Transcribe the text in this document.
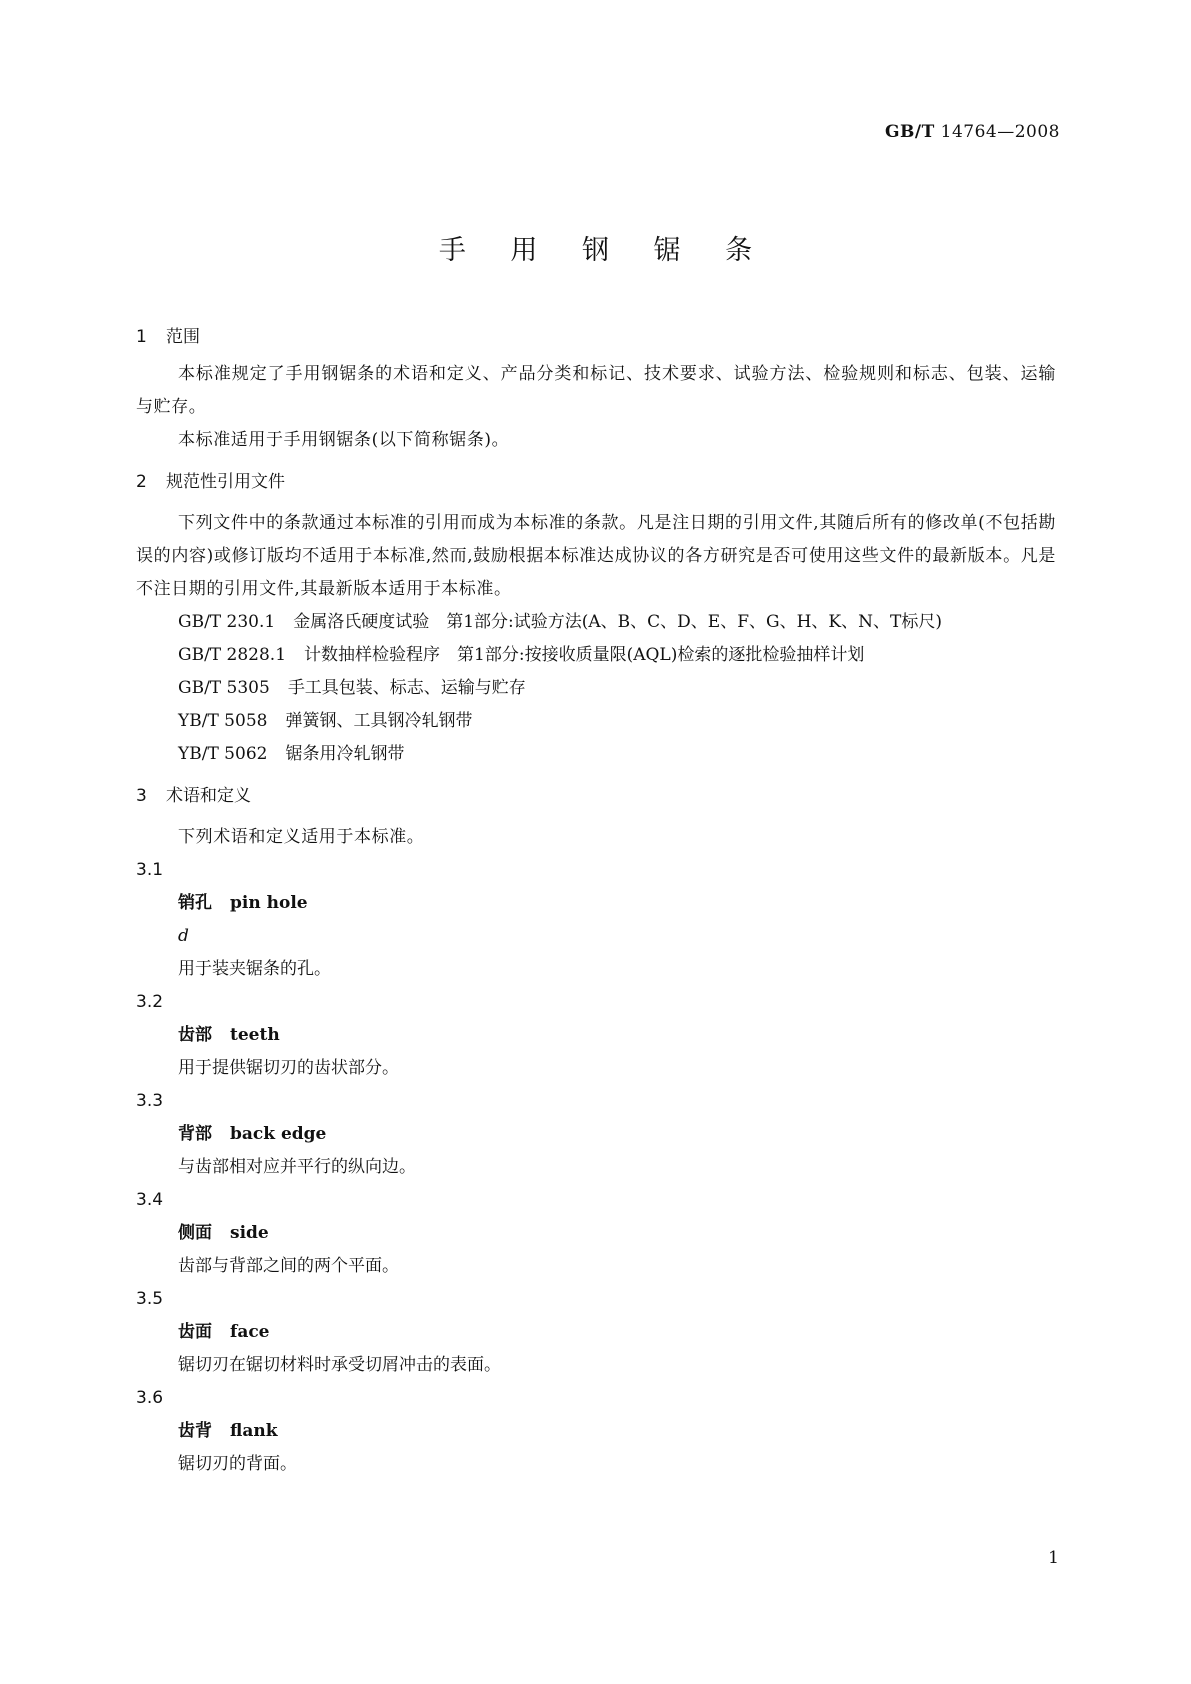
GB/T 14764—2008
手 用 钢 锯 条
1 范围

本标准规定了手用钢锯条的术语和定义、产品分类和标记、技术要求、试验方法、检验规则和标志、包装、运输与贮存。

本标准适用于手用钢锯条(以下简称锯条)。

2 规范性引用文件

下列文件中的条款通过本标准的引用而成为本标准的条款。凡是注日期的引用文件,其随后所有的修改单(不包括勘误的内容)或修订版均不适用于本标准,然而,鼓励根据本标准达成协议的各方研究是否可使用这些文件的最新版本。凡是不注日期的引用文件,其最新版本适用于本标准。

GB/T 230.1 金属洛氏硬度试验　第1部分:试验方法(A、B、C、D、E、F、G、H、K、N、T标尺)
GB/T 2828.1 计数抽样检验程序　第1部分:按接收质量限(AQL)检索的逐批检验抽样计划
GB/T 5305 手工具包装、标志、运输与贮存
YB/T 5058 弹簧钢、工具钢冷轧钢带
YB/T 5062 锯条用冷轧钢带
3 术语和定义

下列术语和定义适用于本标准。

3.1
销孔 pin hole
d
用于装夹锯条的孔。
3.2
齿部 teeth
用于提供锯切刃的齿状部分。
3.3
背部 back edge
与齿部相对应并平行的纵向边。
3.4
侧面 side
齿部与背部之间的两个平面。
3.5
齿面 face
锯切刃在锯切材料时承受切屑冲击的表面。
3.6
齿背 flank
锯切刃的背面。
1
